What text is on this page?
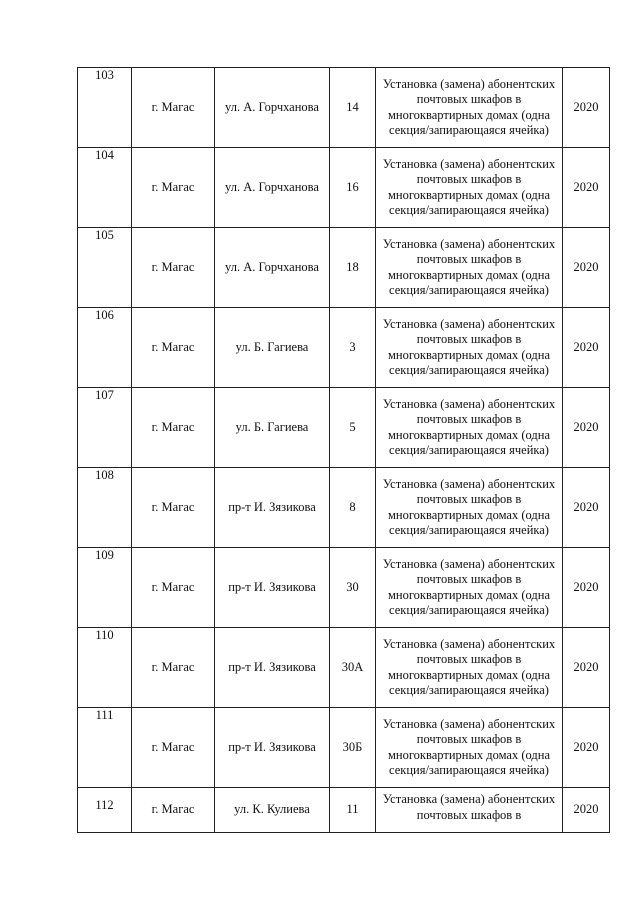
103	г. Магас	ул. А. Горчханова	14	Установка (замена) абонентских почтовых шкафов в многоквартирных домах (одна секция/запирающаяся ячейка)	2020
104	г. Магас	ул. А. Горчханова	16	Установка (замена) абонентских почтовых шкафов в многоквартирных домах (одна секция/запирающаяся ячейка)	2020
105	г. Магас	ул. А. Горчханова	18	Установка (замена) абонентских почтовых шкафов в многоквартирных домах (одна секция/запирающаяся ячейка)	2020
106	г. Магас	ул. Б. Гагиева	3	Установка (замена) абонентских почтовых шкафов в многоквартирных домах (одна секция/запирающаяся ячейка)	2020
107	г. Магас	ул. Б. Гагиева	5	Установка (замена) абонентских почтовых шкафов в многоквартирных домах (одна секция/запирающаяся ячейка)	2020
108	г. Магас	пр-т И. Зязикова	8	Установка (замена) абонентских почтовых шкафов в многоквартирных домах (одна секция/запирающаяся ячейка)	2020
109	г. Магас	пр-т И. Зязикова	30	Установка (замена) абонентских почтовых шкафов в многоквартирных домах (одна секция/запирающаяся ячейка)	2020
110	г. Магас	пр-т И. Зязикова	30А	Установка (замена) абонентских почтовых шкафов в многоквартирных домах (одна секция/запирающаяся ячейка)	2020
111	г. Магас	пр-т И. Зязикова	30Б	Установка (замена) абонентских почтовых шкафов в многоквартирных домах (одна секция/запирающаяся ячейка)	2020
112	г. Магас	ул. К. Кулиева	11	Установка (замена) абонентских почтовых шкафов в	2020
